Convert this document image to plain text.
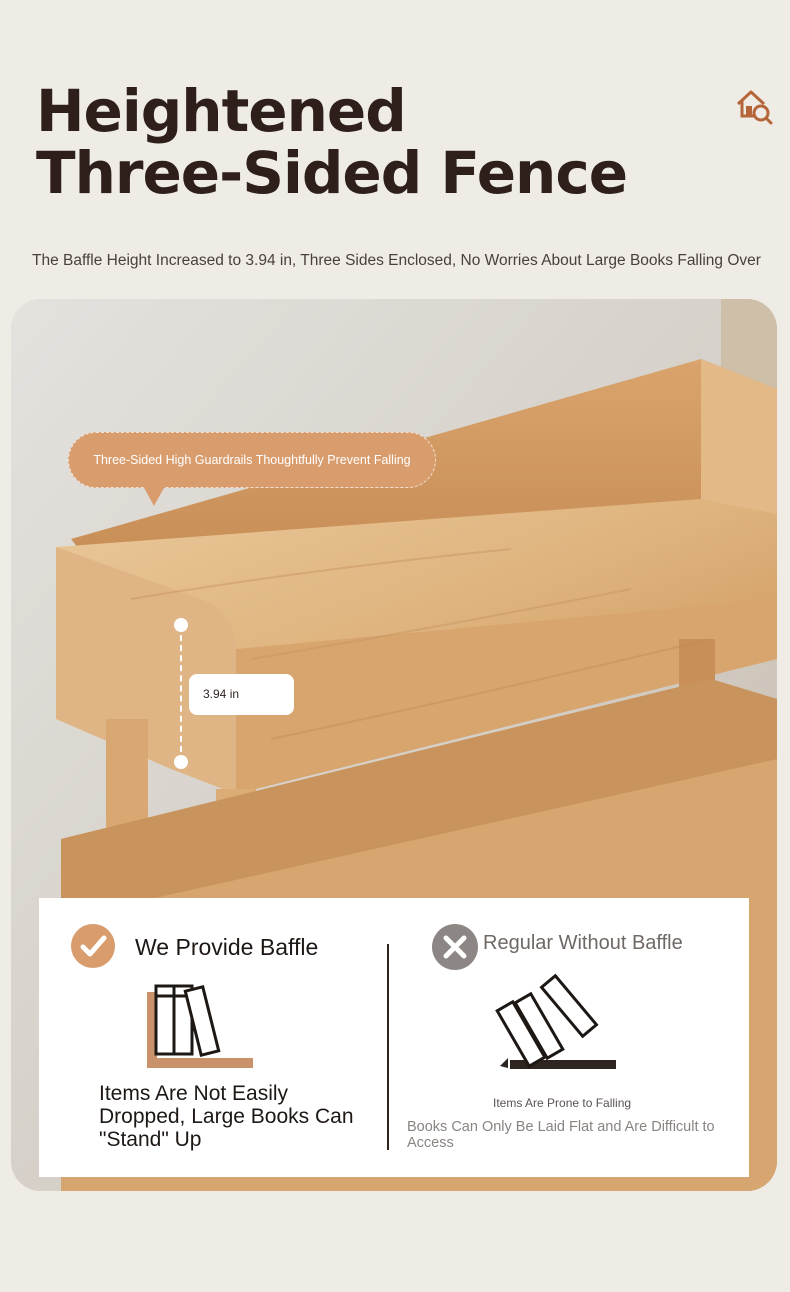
Heightened
Three-Sided Fence
The Baffle Height Increased to 3.94 in, Three Sides Enclosed, No Worries About Large Books Falling Over
Three-Sided High Guardrails Thoughtfully Prevent Falling
3.94 in
We Provide Baffle
Items Are Not Easily Dropped, Large Books Can "Stand" Up
Regular Without Baffle
Items Are Prone to Falling
Books Can Only Be Laid Flat and Are Difficult to Access
